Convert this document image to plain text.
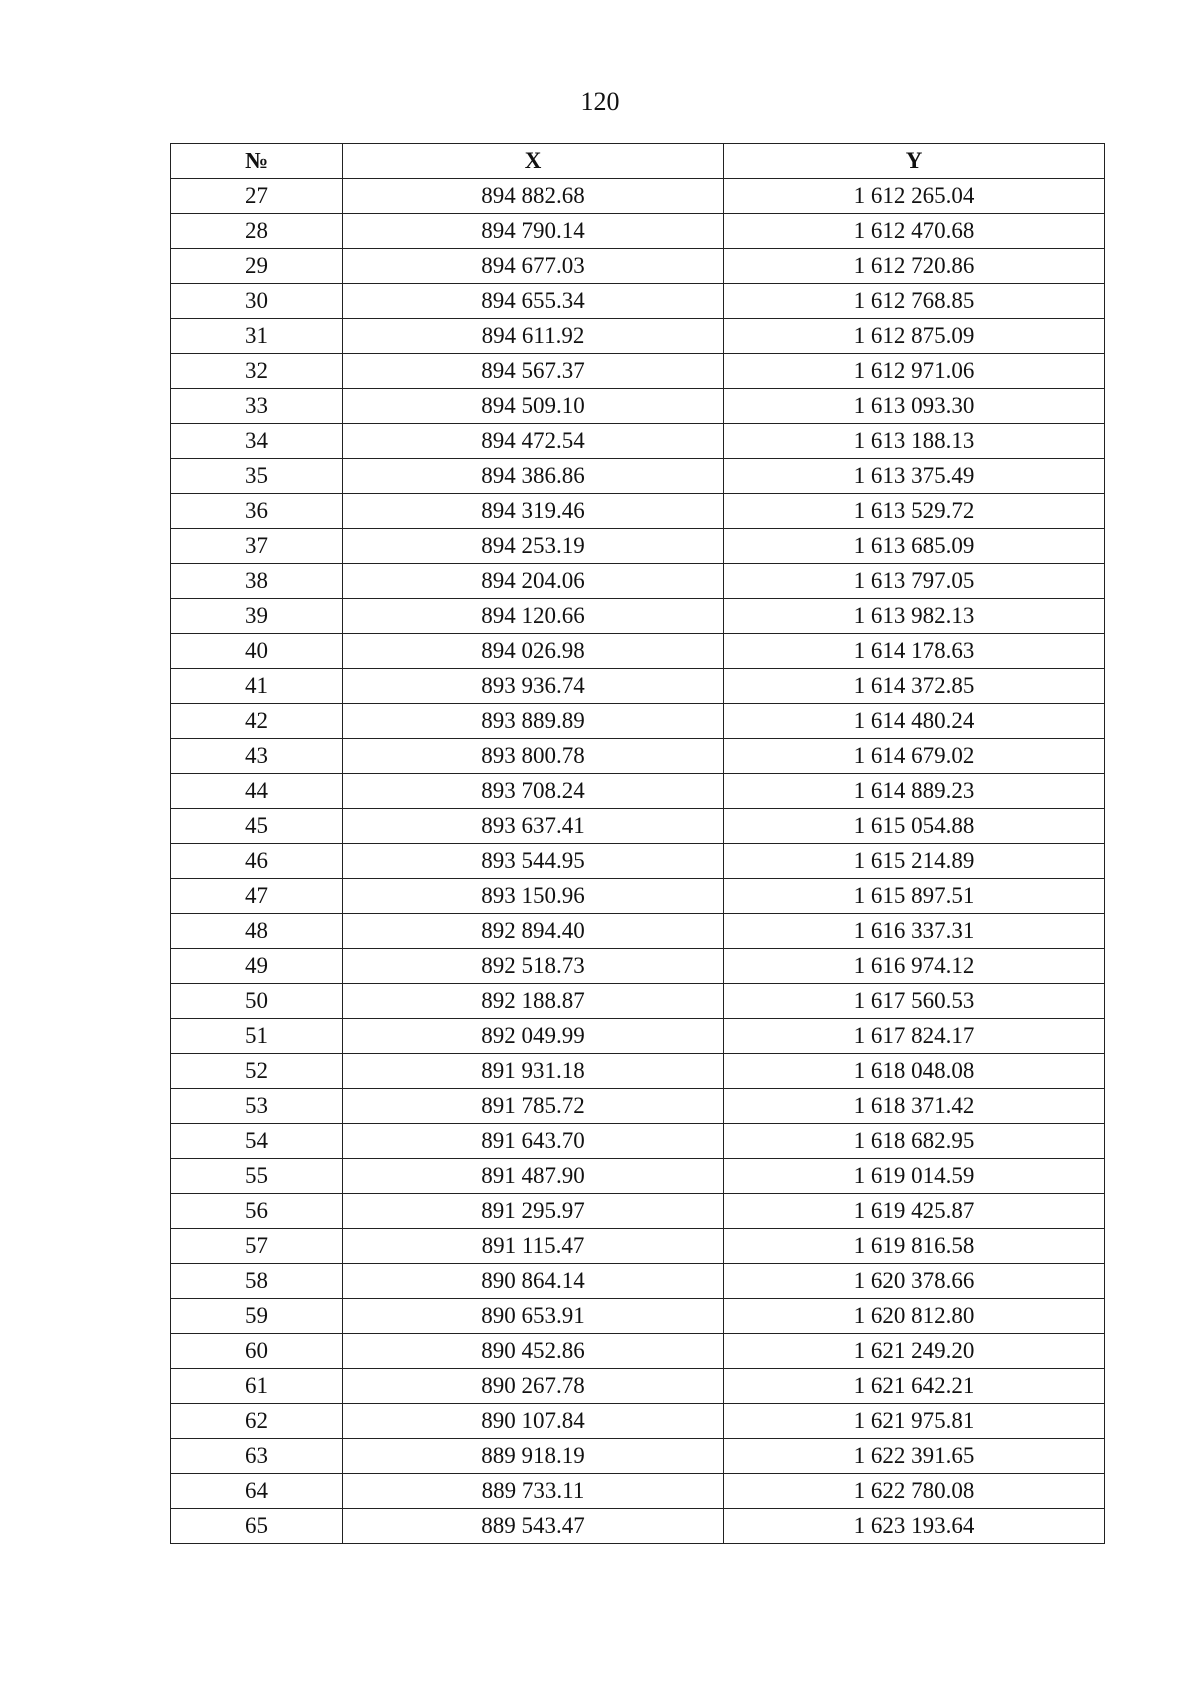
120
№	X	Y
27	894 882.68	1 612 265.04
28	894 790.14	1 612 470.68
29	894 677.03	1 612 720.86
30	894 655.34	1 612 768.85
31	894 611.92	1 612 875.09
32	894 567.37	1 612 971.06
33	894 509.10	1 613 093.30
34	894 472.54	1 613 188.13
35	894 386.86	1 613 375.49
36	894 319.46	1 613 529.72
37	894 253.19	1 613 685.09
38	894 204.06	1 613 797.05
39	894 120.66	1 613 982.13
40	894 026.98	1 614 178.63
41	893 936.74	1 614 372.85
42	893 889.89	1 614 480.24
43	893 800.78	1 614 679.02
44	893 708.24	1 614 889.23
45	893 637.41	1 615 054.88
46	893 544.95	1 615 214.89
47	893 150.96	1 615 897.51
48	892 894.40	1 616 337.31
49	892 518.73	1 616 974.12
50	892 188.87	1 617 560.53
51	892 049.99	1 617 824.17
52	891 931.18	1 618 048.08
53	891 785.72	1 618 371.42
54	891 643.70	1 618 682.95
55	891 487.90	1 619 014.59
56	891 295.97	1 619 425.87
57	891 115.47	1 619 816.58
58	890 864.14	1 620 378.66
59	890 653.91	1 620 812.80
60	890 452.86	1 621 249.20
61	890 267.78	1 621 642.21
62	890 107.84	1 621 975.81
63	889 918.19	1 622 391.65
64	889 733.11	1 622 780.08
65	889 543.47	1 623 193.64
